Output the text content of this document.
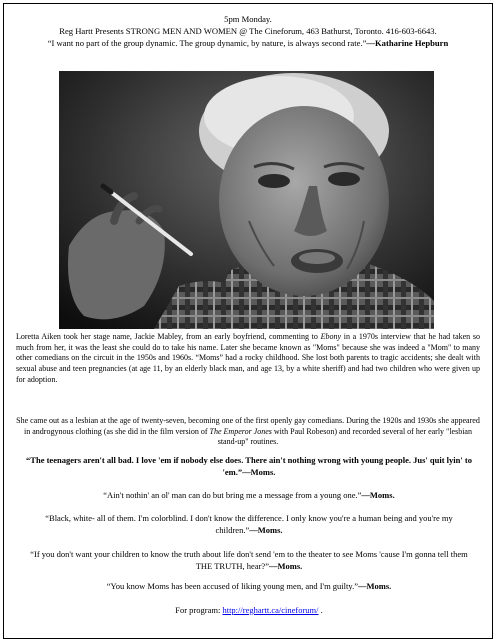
5pm Monday.
Reg Hartt Presents STRONG MEN AND WOMEN @ The Cineforum, 463 Bathurst, Toronto. 416-603-6643.
“I want no part of the group dynamic. The group dynamic, by nature, is always second rate.”—Katharine Hepburn
Loretta Aiken took her stage name, Jackie Mabley, from an early boyfriend, commenting to Ebony in a 1970s interview that he had taken so much from her, it was the least she could do to take his name. Later she became known as "Moms" because she was indeed a "Mom" to many other comedians on the circuit in the 1950s and 1960s. “Moms” had a rocky childhood. She lost both parents to tragic accidents; she dealt with sexual abuse and teen pregnancies (at age 11, by an elderly black man, and age 13, by a white sheriff) and had two children who were given up for adoption.
She came out as a lesbian at the age of twenty-seven, becoming one of the first openly gay comedians. During the 1920s and 1930s she appeared in androgynous clothing (as she did in the film version of The Emperor Jones with Paul Robeson) and recorded several of her early "lesbian stand-up" routines.
“The teenagers aren't all bad. I love 'em if nobody else does. There ain't nothing wrong with young people. Jus' quit lyin' to 'em.”—Moms.
“Ain't nothin' an ol' man can do but bring me a message from a young one.”—Moms.
“Black, white- all of them. I'm colorblind. I don't know the difference. I only know you're a human being and you're my children.”—Moms.
“If you don't want your children to know the truth about life don't send 'em to the theater to see Moms 'cause I'm gonna tell them THE TRUTH, hear?”—Moms.
“You know Moms has been accused of liking young men, and I'm guilty.”—Moms.
For program: http://reghartt.ca/cineforum/ .
